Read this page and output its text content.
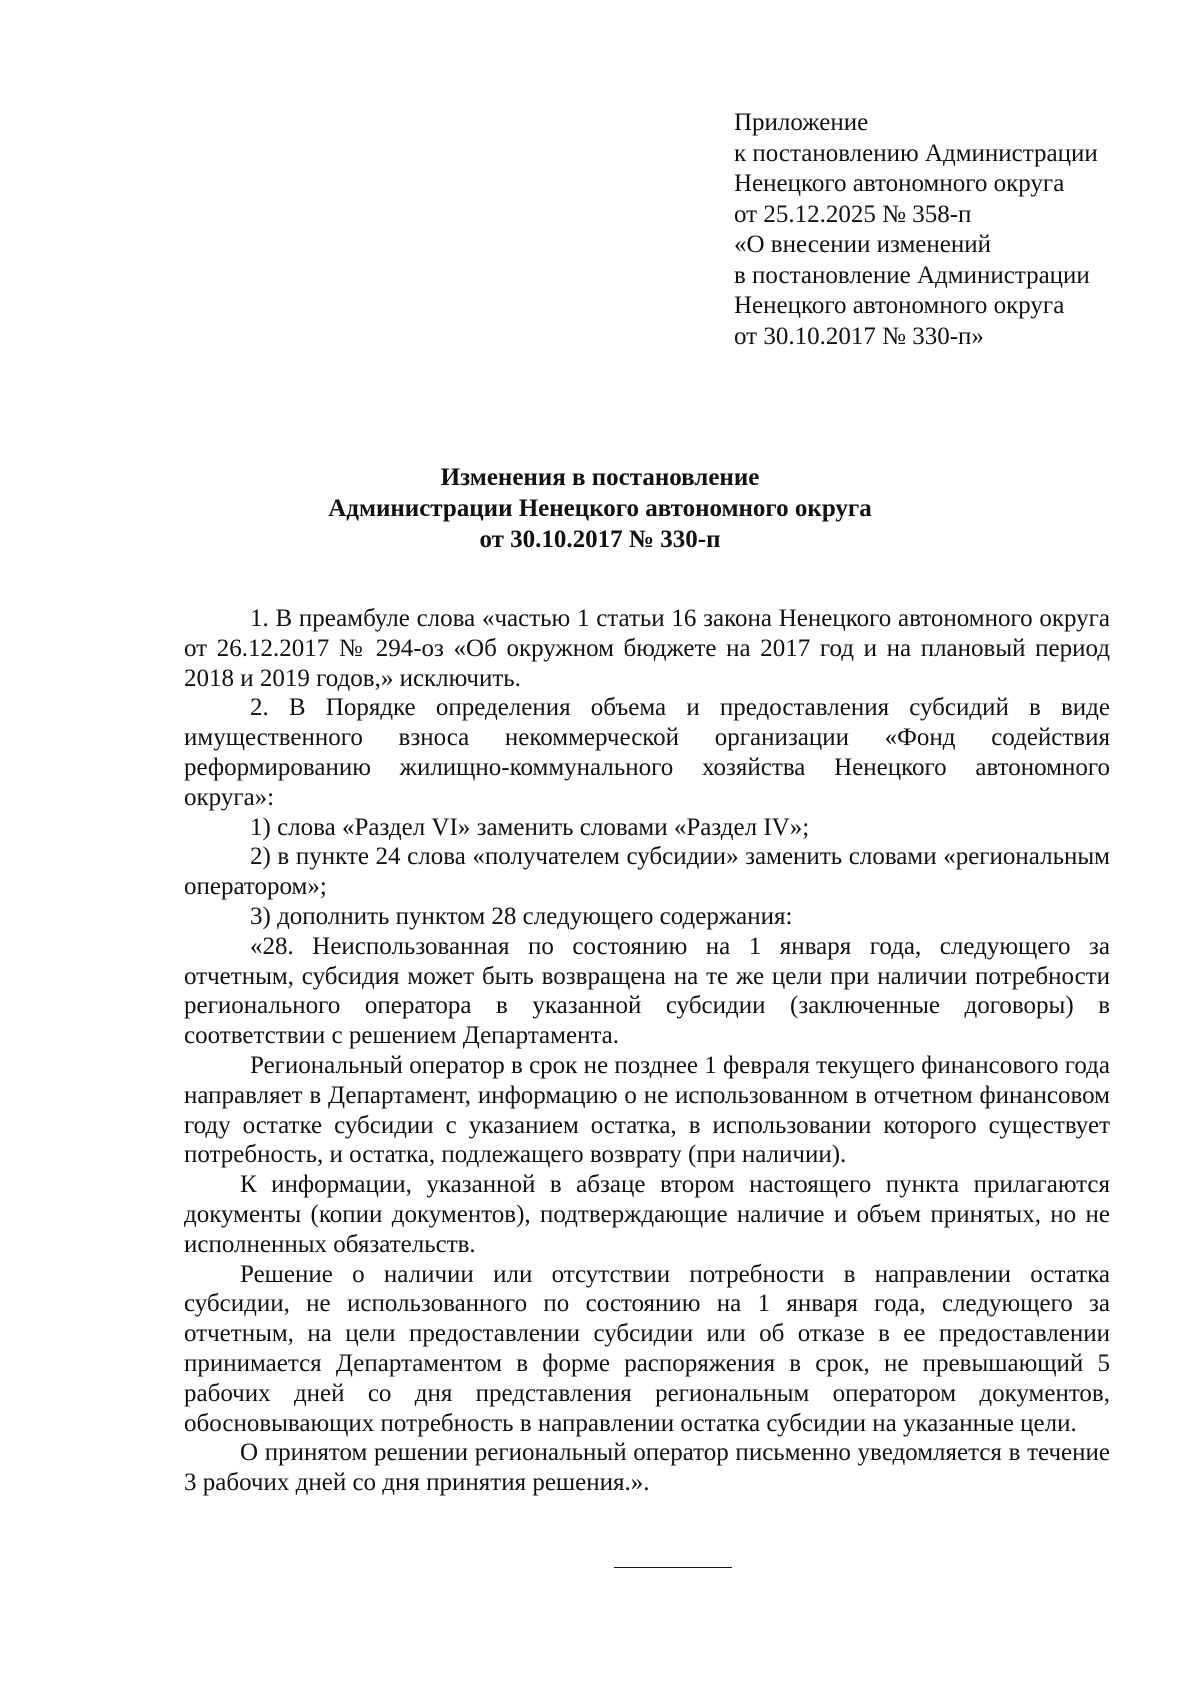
Приложение
к постановлению Администрации
Ненецкого автономного округа
от 25.12.2025 № 358-п
«О внесении изменений
в постановление Администрации
Ненецкого автономного округа
от 30.10.2017 № 330-п»
Изменения в постановление
Администрации Ненецкого автономного округа
от 30.10.2017 № 330-п

1. В преамбуле слова «частью 1 статьи 16 закона Ненецкого автономного округа от 26.12.2017 № 294-оз «Об окружном бюджете на 2017 год и на плановый период 2018 и 2019 годов,» исключить.

2. В Порядке определения объема и предоставления субсидий в виде имущественного взноса некоммерческой организации «Фонд содействия реформированию жилищно-коммунального хозяйства Ненецкого автономного округа»:

1) слова «Раздел VI» заменить словами «Раздел IV»;

2) в пункте 24 слова «получателем субсидии» заменить словами «региональным оператором»;

3) дополнить пунктом 28 следующего содержания:

«28. Неиспользованная по состоянию на 1 января года, следующего за отчетным, субсидия может быть возвращена на те же цели при наличии потребности регионального оператора в указанной субсидии (заключенные договоры) в соответствии с решением Департамента.

Региональный оператор в срок не позднее 1 февраля текущего финансового года направляет в Департамент, информацию о не использованном в отчетном финансовом году остатке субсидии с указанием остатка, в использовании которого существует потребность, и остатка, подлежащего возврату (при наличии).

К информации, указанной в абзаце втором настоящего пункта прилагаются документы (копии документов), подтверждающие наличие и объем принятых, но не исполненных обязательств.

Решение о наличии или отсутствии потребности в направлении остатка субсидии, не использованного по состоянию на 1 января года, следующего за отчетным, на цели предоставлении субсидии или об отказе в ее предоставлении принимается Департаментом в форме распоряжения в срок, не превышающий 5 рабочих дней со дня представления региональным оператором документов, обосновывающих потребность в направлении остатка субсидии на указанные цели.

О принятом решении региональный оператор письменно уведомляется в течение 3 рабочих дней со дня принятия решения.».
